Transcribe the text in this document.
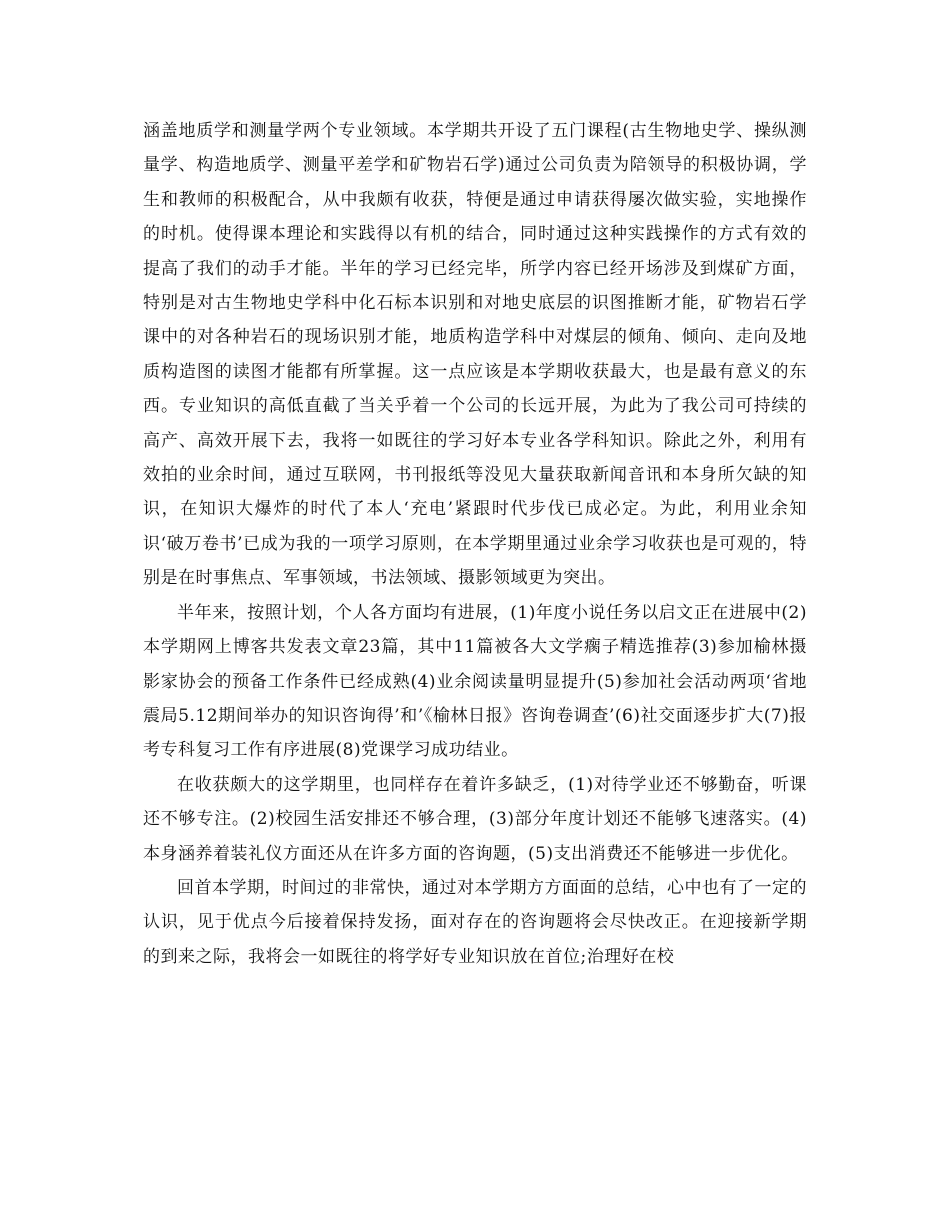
涵盖地质学和测量学两个专业领域。本学期共开设了五门课程(古生物地史学、操纵测量学、构造地质学、测量平差学和矿物岩石学)通过公司负责为陪领导的积极协调，学生和教师的积极配合，从中我颇有收获，特便是通过申请获得屡次做实验，实地操作的时机。使得课本理论和实践得以有机的结合，同时通过这种实践操作的方式有效的提高了我们的动手才能。半年的学习已经完毕，所学内容已经开场涉及到煤矿方面，特别是对古生物地史学科中化石标本识别和对地史底层的识图推断才能，矿物岩石学课中的对各种岩石的现场识别才能，地质构造学科中对煤层的倾角、倾向、走向及地质构造图的读图才能都有所掌握。这一点应该是本学期收获最大，也是最有意义的东西。专业知识的高低直截了当关乎着一个公司的长远开展，为此为了我公司可持续的高产、高效开展下去，我将一如既往的学习好本专业各学科知识。除此之外，利用有效拍的业余时间，通过互联网，书刊报纸等没见大量获取新闻音讯和本身所欠缺的知识，在知识大爆炸的时代了本人‘充电’紧跟时代步伐已成必定。为此，利用业余知识‘破万卷书’已成为我的一项学习原则，在本学期里通过业余学习收获也是可观的，特别是在时事焦点、军事领域，书法领域、摄影领域更为突出。

半年来，按照计划，个人各方面均有进展，(1)年度小说任务以启文正在进展中(2)本学期网上博客共发表文章23篇，其中11篇被各大文学瘸子精选推荐(3)参加榆林摄影家协会的预备工作条件已经成熟(4)业余阅读量明显提升(5)参加社会活动两项‘省地震局5.12期间举办的知识咨询得’和’《榆林日报》咨询卷调查’(6)社交面逐步扩大(7)报考专科复习工作有序进展(8)党课学习成功结业。

在收获颇大的这学期里，也同样存在着许多缺乏，(1)对待学业还不够勤奋，听课还不够专注。(2)校园生活安排还不够合理，(3)部分年度计划还不能够飞速落实。(4)本身涵养着装礼仪方面还从在许多方面的咨询题，(5)支出消费还不能够进一步优化。

回首本学期，时间过的非常快，通过对本学期方方面面的总结，心中也有了一定的认识，见于优点今后接着保持发扬，面对存在的咨询题将会尽快改正。在迎接新学期的到来之际，我将会一如既往的将学好专业知识放在首位;治理好在校
